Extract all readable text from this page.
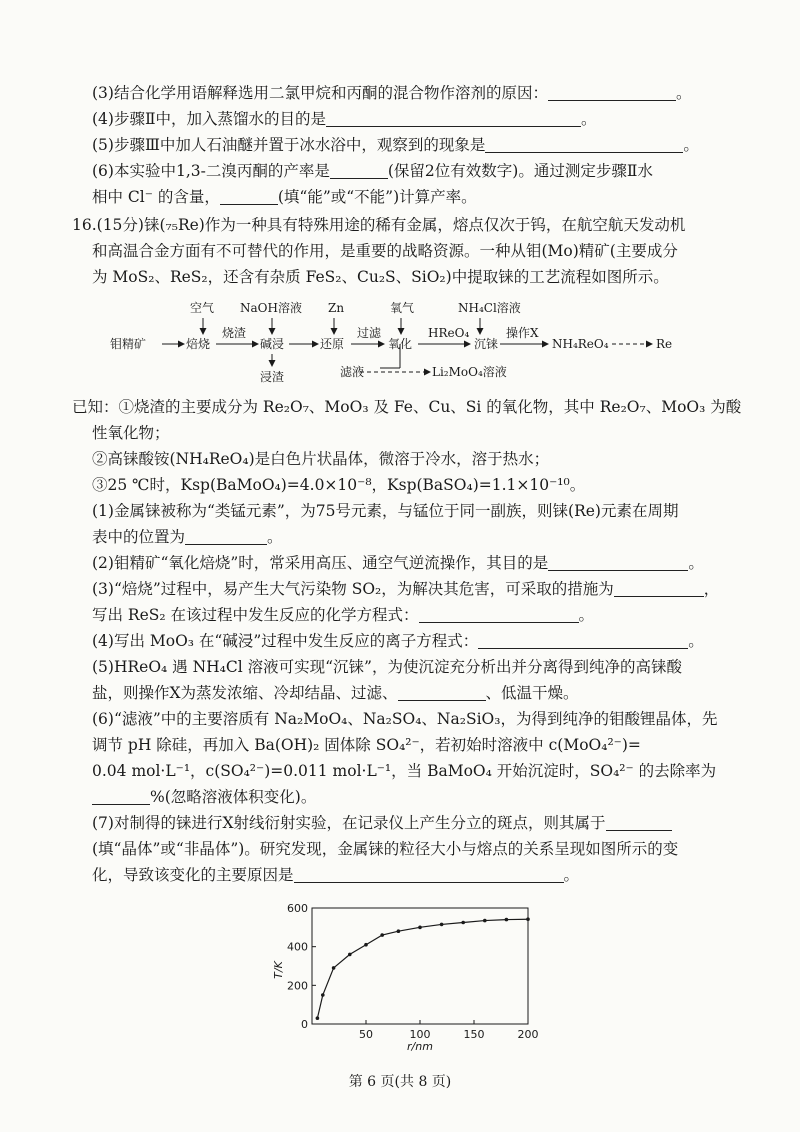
(3)结合化学用语解释选用二氯甲烷和丙酮的混合物作溶剂的原因：	。
(4)步骤Ⅱ中，加入蒸馏水的目的是	。
(5)步骤Ⅲ中加人石油醚并置于冰水浴中，观察到的现象是	。
(6)本实验中1,3-二溴丙酮的产率是	(保留2位有效数字)。通过测定步骤Ⅱ水
相中 Cl⁻ 的含量，	(填“能”或“不能”)计算产率。
16.(15分)铼(₇₅Re)作为一种具有特殊用途的稀有金属，熔点仅次于钨，在航空航天发动机
和高温合金方面有不可替代的作用，是重要的战略资源。一种从钼(Mo)精矿(主要成分
为 MoS₂、ReS₂，还含有杂质 FeS₂、Cu₂S、SiO₂)中提取铼的工艺流程如图所示。
钼精矿	焙烧
空气
烧渣
NaOH溶液
碱浸
浸渣
Zn
还原
过滤
滤液	Li₂MoO₄溶液
氧气
氧化
HReO₄
NH₄Cl溶液
沉铼
操作X
NH₄ReO₄	Re
已知：①烧渣的主要成分为 Re₂O₇、MoO₃ 及 Fe、Cu、Si 的氧化物，其中 Re₂O₇、MoO₃ 为酸
性氧化物；
②高铼酸铵(NH₄ReO₄)是白色片状晶体，微溶于冷水，溶于热水；
③25 ℃时，Ksp(BaMoO₄)=4.0×10⁻⁸，Ksp(BaSO₄)=1.1×10⁻¹⁰。
(1)金属铼被称为“类锰元素”，为75号元素，与锰位于同一副族，则铼(Re)元素在周期
表中的位置为	。
(2)钼精矿“氧化焙烧”时，常采用高压、通空气逆流操作，其目的是	。
(3)“焙烧”过程中，易产生大气污染物 SO₂，为解决其危害，可采取的措施为	，
写出 ReS₂ 在该过程中发生反应的化学方程式：	。
(4)写出 MoO₃ 在“碱浸”过程中发生反应的离子方程式：	。
(5)HReO₄ 遇 NH₄Cl 溶液可实现“沉铼”，为使沉淀充分析出并分离得到纯净的高铼酸
盐，则操作X为蒸发浓缩、冷却结晶、过滤、	、低温干燥。
(6)“滤液”中的主要溶质有 Na₂MoO₄、Na₂SO₄、Na₂SiO₃，为得到纯净的钼酸锂晶体，先
调节 pH 除硅，再加入 Ba(OH)₂ 固体除 SO₄²⁻，若初始时溶液中 c(MoO₄²⁻)=
0.04 mol·L⁻¹，c(SO₄²⁻)=0.011 mol·L⁻¹，当 BaMoO₄ 开始沉淀时，SO₄²⁻ 的去除率为
%(忽略溶液体积变化)。
(7)对制得的铼进行X射线衍射实验，在记录仪上产生分立的斑点，则其属于
(填“晶体”或“非晶体”)。研究发现，金属铼的粒径大小与熔点的关系呈现如图所示的变
化，导致该变化的主要原因是	。
0
200
400
600
50	100	150	200
T/K
r/nm
第 6 页(共 8 页)
